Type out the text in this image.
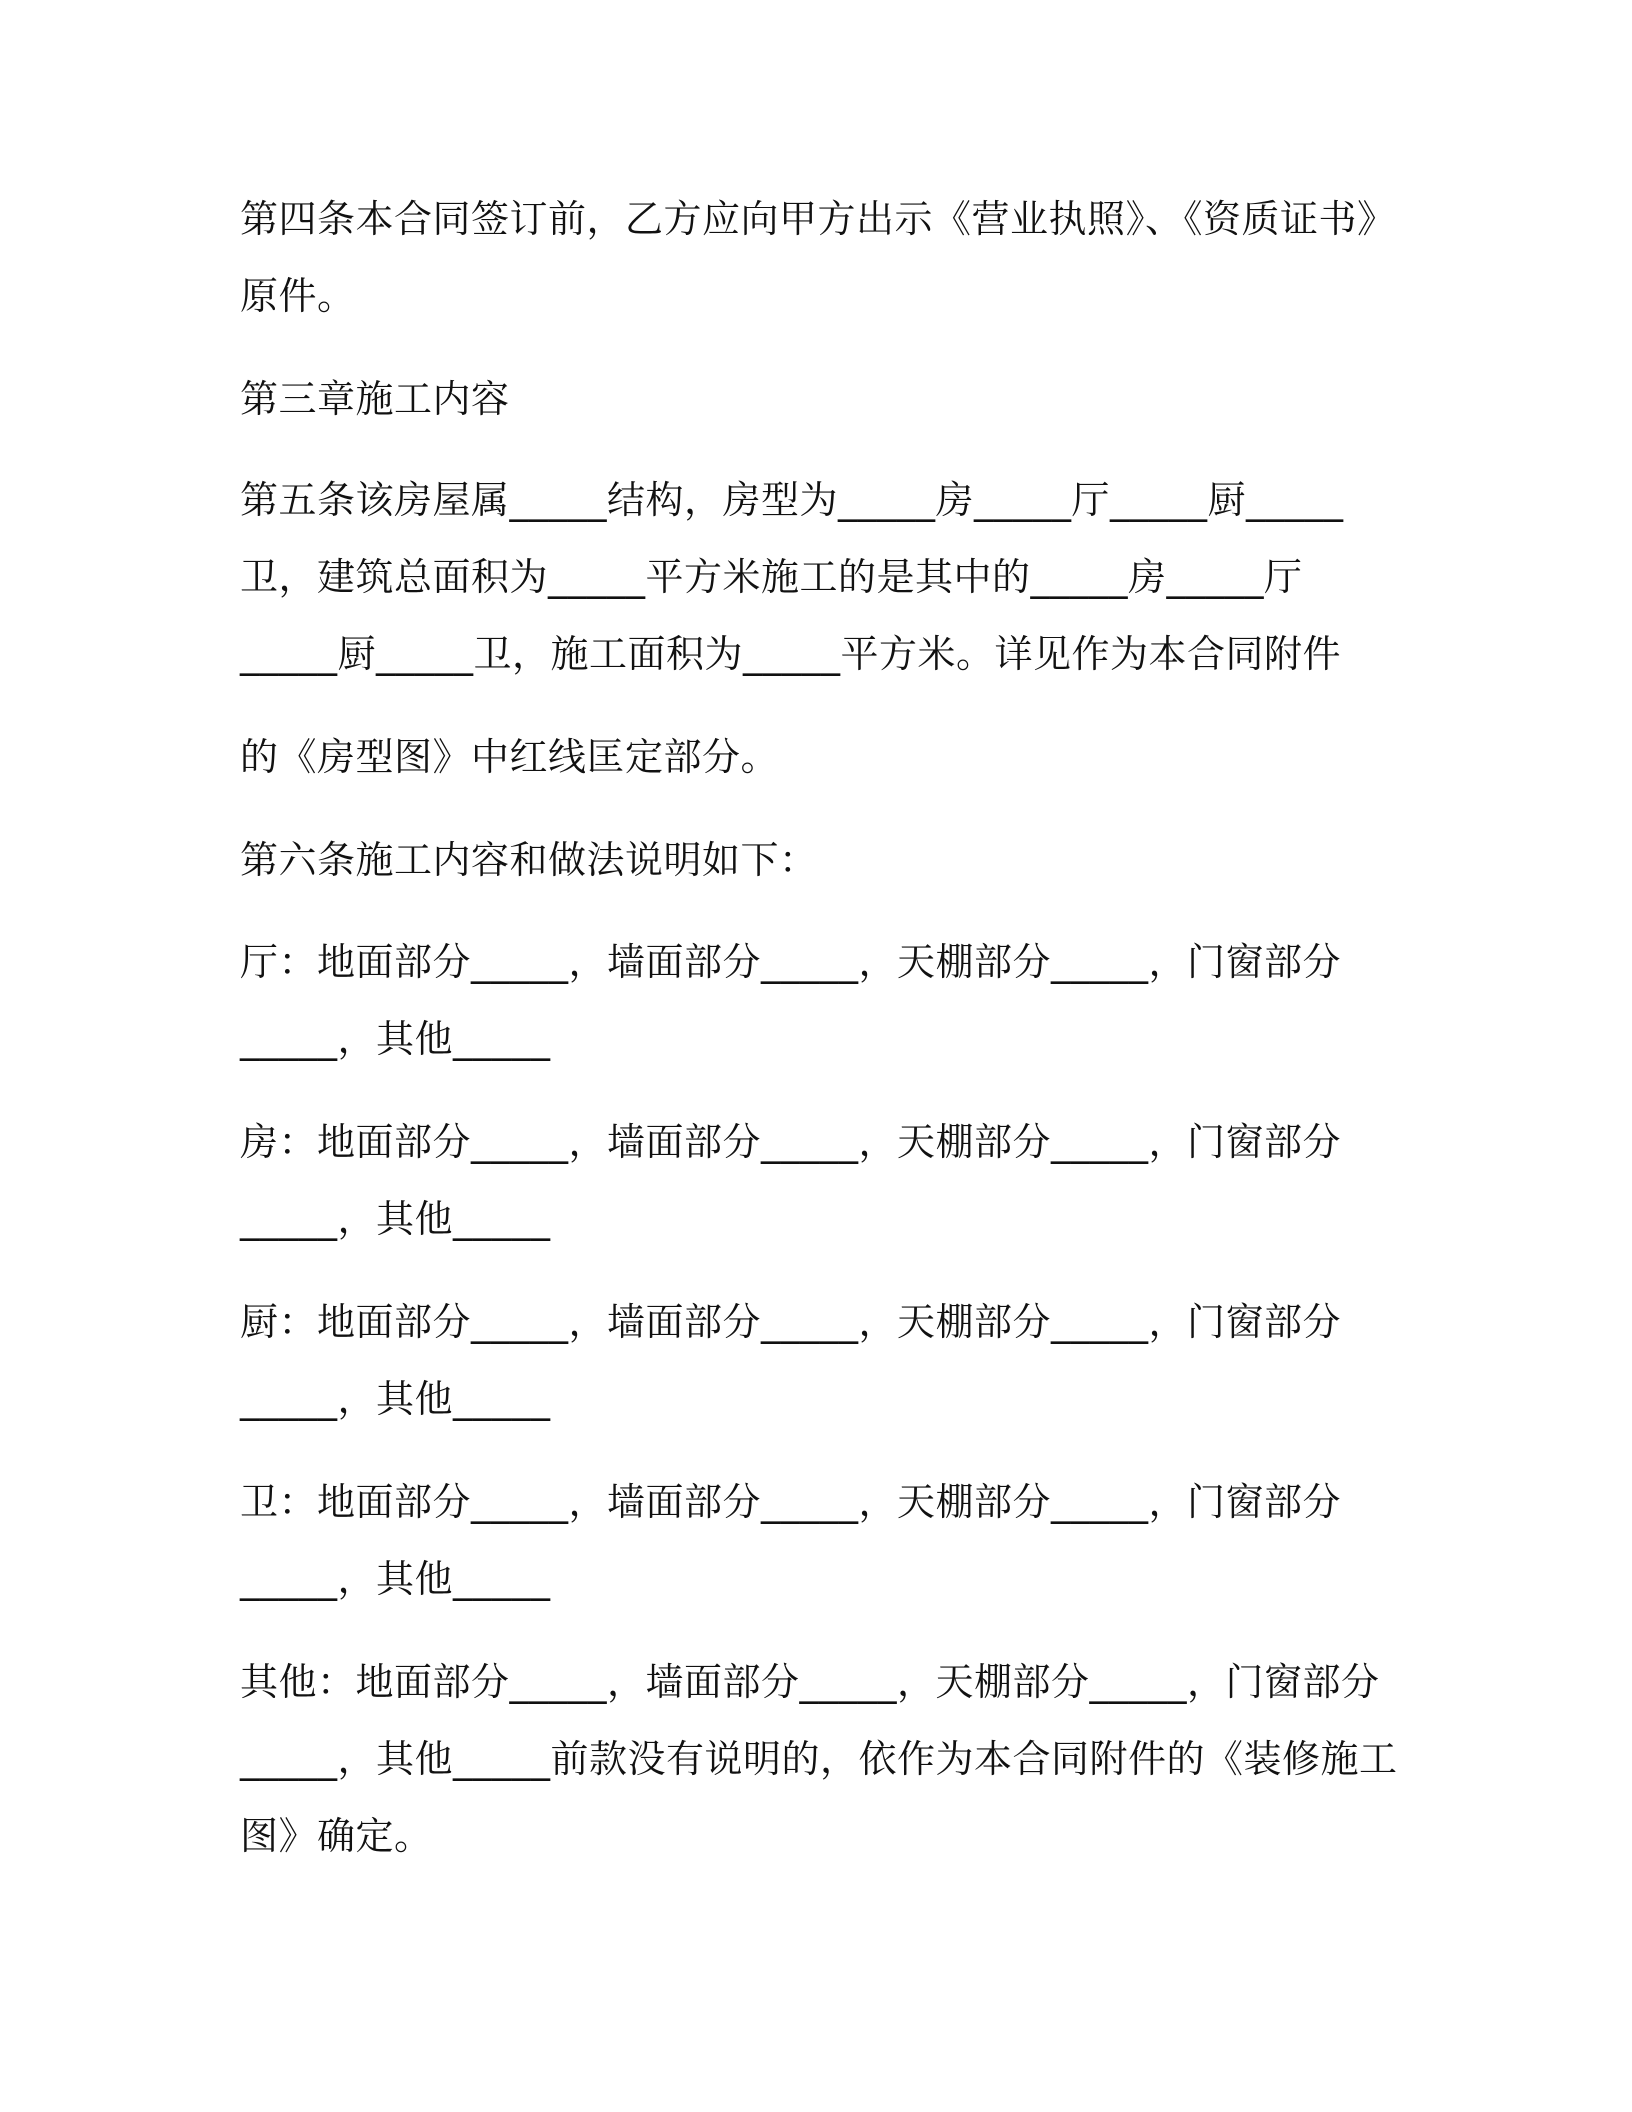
第四条本合同签订前，乙方应向甲方出示《营业执照》、《资质证书》
原件。
第三章施工内容
第五条该房屋属_____结构，房型为_____房_____厅_____厨_____
卫，建筑总面积为_____平方米施工的是其中的_____房_____厅
_____厨_____卫，施工面积为_____平方米。详见作为本合同附件
的《房型图》中红线匡定部分。
第六条施工内容和做法说明如下：
厅：地面部分_____，墙面部分_____，天棚部分_____，门窗部分
_____，其他_____
房：地面部分_____，墙面部分_____，天棚部分_____，门窗部分
_____，其他_____
厨：地面部分_____，墙面部分_____，天棚部分_____，门窗部分
_____，其他_____
卫：地面部分_____，墙面部分_____，天棚部分_____，门窗部分
_____，其他_____
其他：地面部分_____，墙面部分_____，天棚部分_____，门窗部分
_____，其他_____前款没有说明的，依作为本合同附件的《装修施工
图》确定。
